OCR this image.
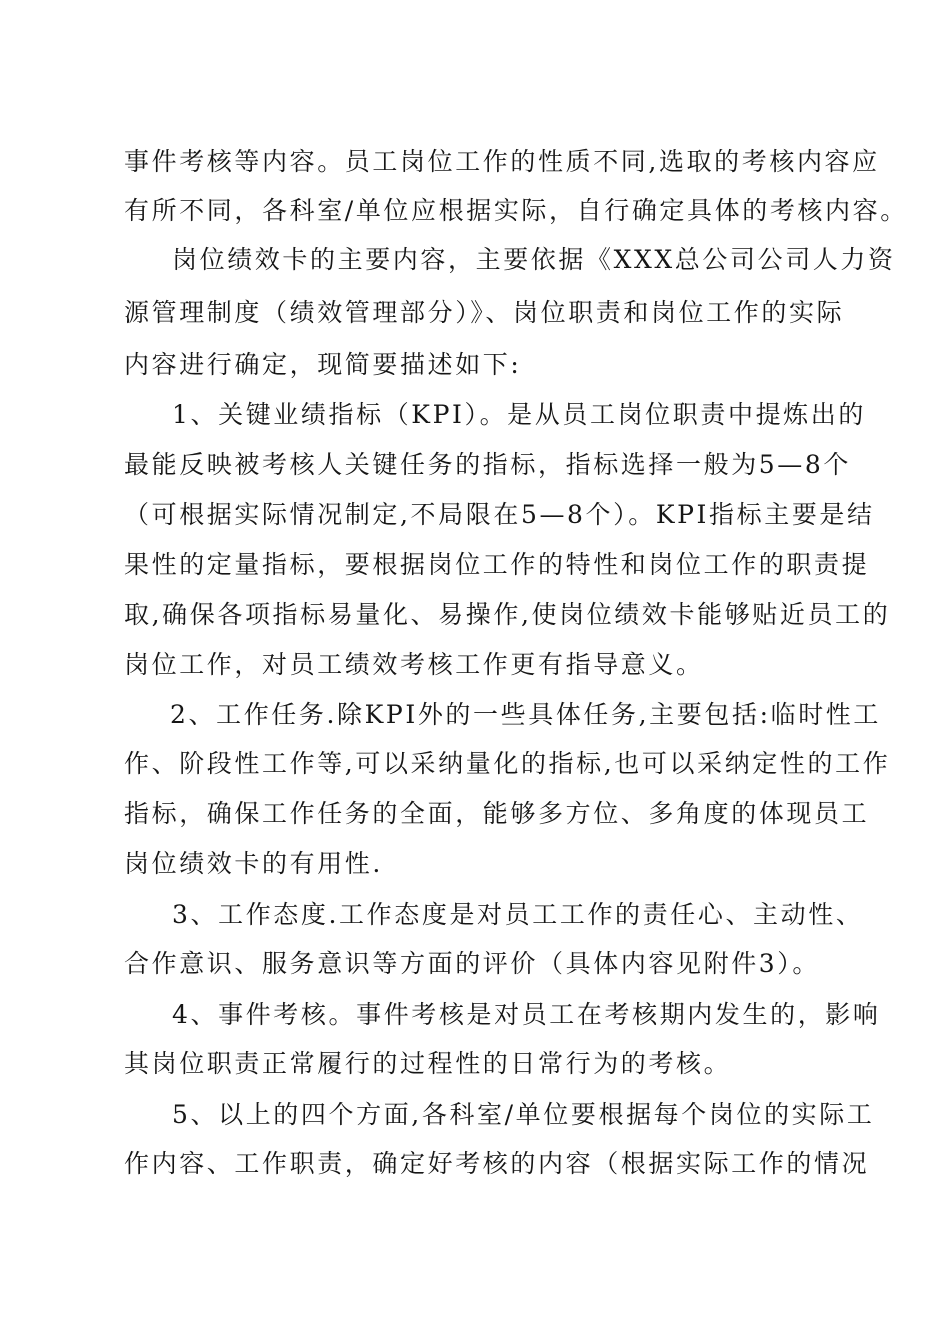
事件考核等内容。员工岗位工作的性质不同,选取的考核内容应
有所不同，各科室/单位应根据实际，自行确定具体的考核内容。
岗位绩效卡的主要内容，主要依据《XXX总公司公司人力资
源管理制度（绩效管理部分）》、岗位职责和岗位工作的实际
内容进行确定，现简要描述如下:
1、关键业绩指标（KPI）。是从员工岗位职责中提炼出的
最能反映被考核人关键任务的指标，指标选择一般为5—8个
（可根据实际情况制定,不局限在5—8个）。KPI指标主要是结
果性的定量指标，要根据岗位工作的特性和岗位工作的职责提
取,确保各项指标易量化、易操作,使岗位绩效卡能够贴近员工的
岗位工作，对员工绩效考核工作更有指导意义。
2、工作任务.除KPI外的一些具体任务,主要包括:临时性工
作、阶段性工作等,可以采纳量化的指标,也可以采纳定性的工作
指标，确保工作任务的全面，能够多方位、多角度的体现员工
岗位绩效卡的有用性.
3、工作态度.工作态度是对员工工作的责任心、主动性、
合作意识、服务意识等方面的评价（具体内容见附件3）。
4、事件考核。事件考核是对员工在考核期内发生的，影响
其岗位职责正常履行的过程性的日常行为的考核。
5、以上的四个方面,各科室/单位要根据每个岗位的实际工
作内容、工作职责，确定好考核的内容（根据实际工作的情况
